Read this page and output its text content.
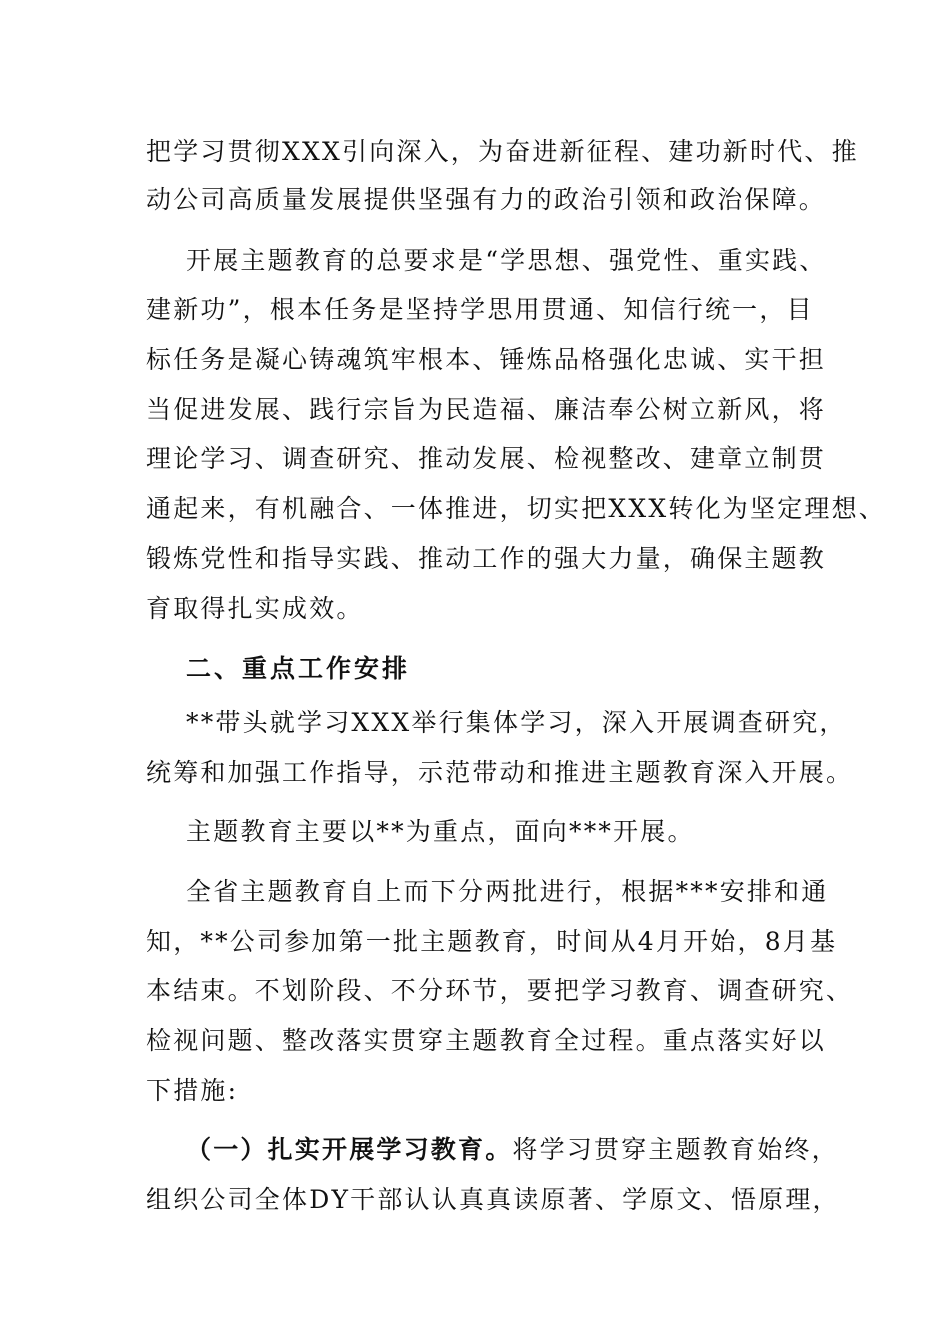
把学习贯彻XXX引向深入，为奋进新征程、建功新时代、推
动公司高质量发展提供坚强有力的政治引领和政治保障。
开展主题教育的总要求是“学思想、强党性、重实践、
建新功”，根本任务是坚持学思用贯通、知信行统一，目
标任务是凝心铸魂筑牢根本、锤炼品格强化忠诚、实干担
当促进发展、践行宗旨为民造福、廉洁奉公树立新风，将
理论学习、调查研究、推动发展、检视整改、建章立制贯
通起来，有机融合、一体推进，切实把XXX转化为坚定理想、
锻炼党性和指导实践、推动工作的强大力量，确保主题教
育取得扎实成效。
二、重点工作安排
**带头就学习XXX举行集体学习，深入开展调查研究，
统筹和加强工作指导，示范带动和推进主题教育深入开展。
主题教育主要以**为重点，面向***开展。
全省主题教育自上而下分两批进行，根据***安排和通
知，**公司参加第一批主题教育，时间从4月开始，8月基
本结束。不划阶段、不分环节，要把学习教育、调查研究、
检视问题、整改落实贯穿主题教育全过程。重点落实好以
下措施:
（一）扎实开展学习教育。将学习贯穿主题教育始终，
组织公司全体DY干部认认真真读原著、学原文、悟原理，
